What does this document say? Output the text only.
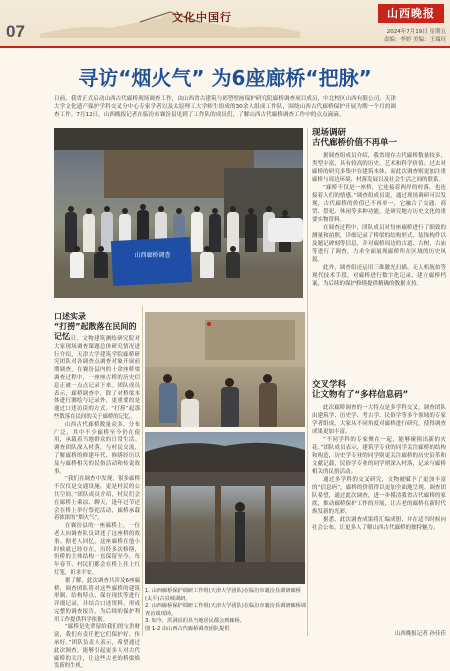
07
文化中国行	山西晚报
2024年7月19日 星期五
责编：李婷 美编：王瑞珏
寻访“烟火气” 为6座廊桥“把脉”
日前，我省正式启动山西古代廊桥现场调查工作，由山西省古建筑与彩塑壁画保护研究院廊桥调查项目成员，中北校区山西有限公司，天津大学文化遗产保护学科交叉分中心专家学者以及太原理工大学师生组成的30余人组成工作队，围绕山西古代廊桥保护开展为期一个月的调查工作。7月12日，山西晚报记者在临汾市襄汾县见到了工作队的成员们，了解山西古代廊桥调查工作中的点点滴滴。
山西廊桥调查
口述实录
“打捞”起散落在民间的记忆

当日，文物建筑测绘研究院对大家现场调查课题总体研究情况进行介绍，天津大学建筑学院廊桥研究团队对各调查点调查对象开展前期调查，在襄汾县内的十余座桥梁调查过程中，一座座古桥的历史信息正被一点点记录下来。团队成员表示，廊桥调查中，除了对桥梁本体进行测绘与记录外，更重要的是通过口述访谈的方式，“打捞”起那些散落在民间的关于廊桥的记忆。

山西古代廊桥数量众多，分布广泛，其中不少廊桥至今仍在使用，承载着当地群众的日常生活。调查团队深入村落，与村民交流，了解廊桥的修建年代、修缮经历以及与廊桥相关的民俗活动和传说故事。

“我们在调查中发现，很多廊桥不仅仅是交通设施，更是村民的公共空间。”团队成员介绍，村民们会在廊桥上乘凉、聊天，逢年过节还会在桥上举行祭祀活动，廊桥承载着浓浓的“烟火气”。

在襄汾县的一座廊桥上，一位老人向调查队员讲述了这座桥的故事。据老人回忆，这座廊桥在他小时候就已经存在，历经多次修缮，但桥的主体结构一直保留至今。每年春节，村民们都会在桥上挂上红灯笼，祈求平安。

据了解，此次调查共涉及6座廊桥，调查团队将对这些廊桥的建筑形制、结构特点、保存现状等进行详细记录，并结合口述资料，形成完整的调查报告，为后续的保护利用工作提供科学依据。

“廊桥是先辈留给我们的宝贵财富，我们有责任把它们保护好、传承好。”团队负责人表示，希望通过此次调查，能够引起更多人对古代廊桥的关注，让这些古老的桥梁焕发新的生机。

现场调研
古代廊桥价值不再单一

据调查组成员介绍，我省现存古代廊桥数量较多，类型丰富，具有较高的历史、艺术和科学价值。过去对廊桥的研究多集中在建筑本体，而此次调查则更加注重廊桥与周边环境、村落发展以及社会生活之间的联系。

“廊桥不仅是一座桥，它连接着两岸的村落，也连接着人们的情感。”调查组成员说，通过现场调研可以发现，古代廊桥的价值已不再单一，它融合了交通、商贸、祭祀、休闲等多种功能，是研究地方历史文化的重要实物资料。

在调查过程中，团队成员对每座廊桥进行了细致的测量和拍照，详细记录了桥梁的结构形式、装饰构件以及题记碑刻等信息，并对廊桥周边的古道、古树、古庙等进行了调查，力求全面展现廊桥所在区域的历史风貌。

此外，调查组还运用三维激光扫描、无人机航拍等现代技术手段，对廊桥进行数字化记录，建立廊桥档案，为后续的保护修缮提供精确的数据支持。

交叉学科
让文物有了“多样信息码”

此次廊桥调查的一大特点是多学科交叉。调查团队由建筑学、历史学、考古学、民俗学等多个领域的专家学者组成，大家从不同角度对廊桥进行研究，使得调查成果更加丰富。

“不同学科的专家聚在一起，能够碰撞出新的火花。”团队成员表示，建筑学专业的同学关注廊桥的结构和构造，历史学专业的同学则更关注廊桥的历史沿革和文献记载，民俗学专业的同学则深入村落，记录与廊桥相关的民俗活动。

通过多学科的交叉研究，文物被赋予了更加丰富的“信息码”，廊桥的价值得以更加全面地呈现。调查团队希望，通过此次调查，进一步摸清我省古代廊桥的家底，推动廊桥保护工作的开展，让古老的廊桥在新时代焕发新的光彩。

据悉，此次调查成果将汇编成册，并在适当时候向社会公布，让更多人了解山西古代廊桥的独特魅力。

山西晚报记者 孙佳佳
1. 山西廊桥保护调研工作组(天津大学团队)在临汾市襄汾县调研廊桥(太平)古县城调研。
2. 山西廊桥保护调研工作组(天津大学团队)在临汾市襄汾县调研廊桥调查访谈现场。
3. 如今，洪洞县的县当地居民都会到廊桥。
图 1-2 由山西古代廊桥调查团队提供
